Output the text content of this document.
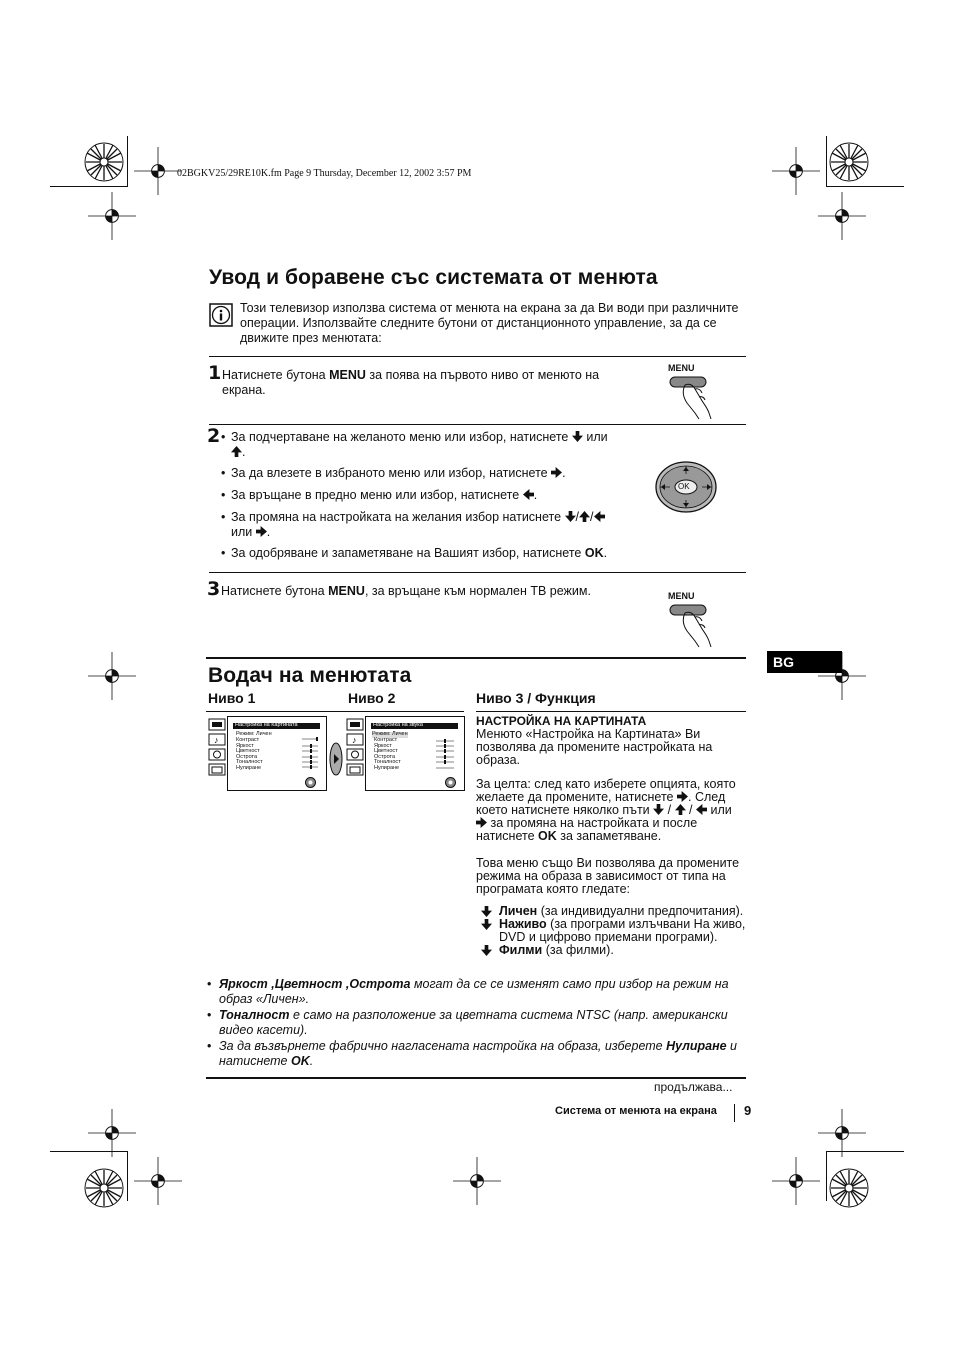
02BGKV25/29RE10K.fm Page 9 Thursday, December 12, 2002 3:57 PM
Увод и боравене със системата от менюта
Този телевизор използва система от менюта на екрана за да Ви води при различните операции. Използвайте следните бутони от дистанционното управление, за да се движите през менютата:
1 Натиснете бутона MENU за поява на първото ниво от менюто на екрана.
MENU
2 • За подчертаване на желаното меню или избор, натиснете или
.
• За да влезете в избраното меню или избор, натиснете .
• За връщане в предно меню или избор, натиснете .
• За промяна на настройката на желания избор натиснете / /
или .
• За одобряване и запаметяване на Вашият избор, натиснете OK.
OK
3 Натиснете бутона MENU, за връщане към нормален ТВ режим.	MENU
BG
Водач на менютата
Ниво 1	Ниво 2	Ниво 3 / Функция
♪
Настройка на Картината
Режим: Личен
Контраст
Яркост
Цветност
Острота
Тоналност
Нулиране
♪
Настройка на звука
Режим: Личен
Контраст
Яркост
Цветност
Острота
Тоналност
Нулиране
НАСТРОЙКА НА КАРТИНАТА
Менюто «Настройка на Картината» Ви позволява да промените настройката на образа.
За целта: след като изберете опцията, която желаете да промените, натиснете . След което натиснете няколко пъти  /  /  или  за промяна на настройката и после натиснете OK за запаметяване.
Това меню също Ви позволява да промените режима на образа в зависимост от типа на програмата която гледате:
Личен (за индивидуални предпочитания).
Наживо (за програми излъчвани На живо, DVD и цифрово приемани програми).
Филми (за филми).
• Яркост ,Цветност ,Острота могат да се се изменят само при избор на режим на образ «Личен».
• Тоналност е само на разположение за цветната система NTSC (напр. американски видео касети).
• За да възвърнете фабрично нагласената настройка на образа, изберете Нулиране и натиснете OK.
продължава...
Система от менюта на екрана 9
